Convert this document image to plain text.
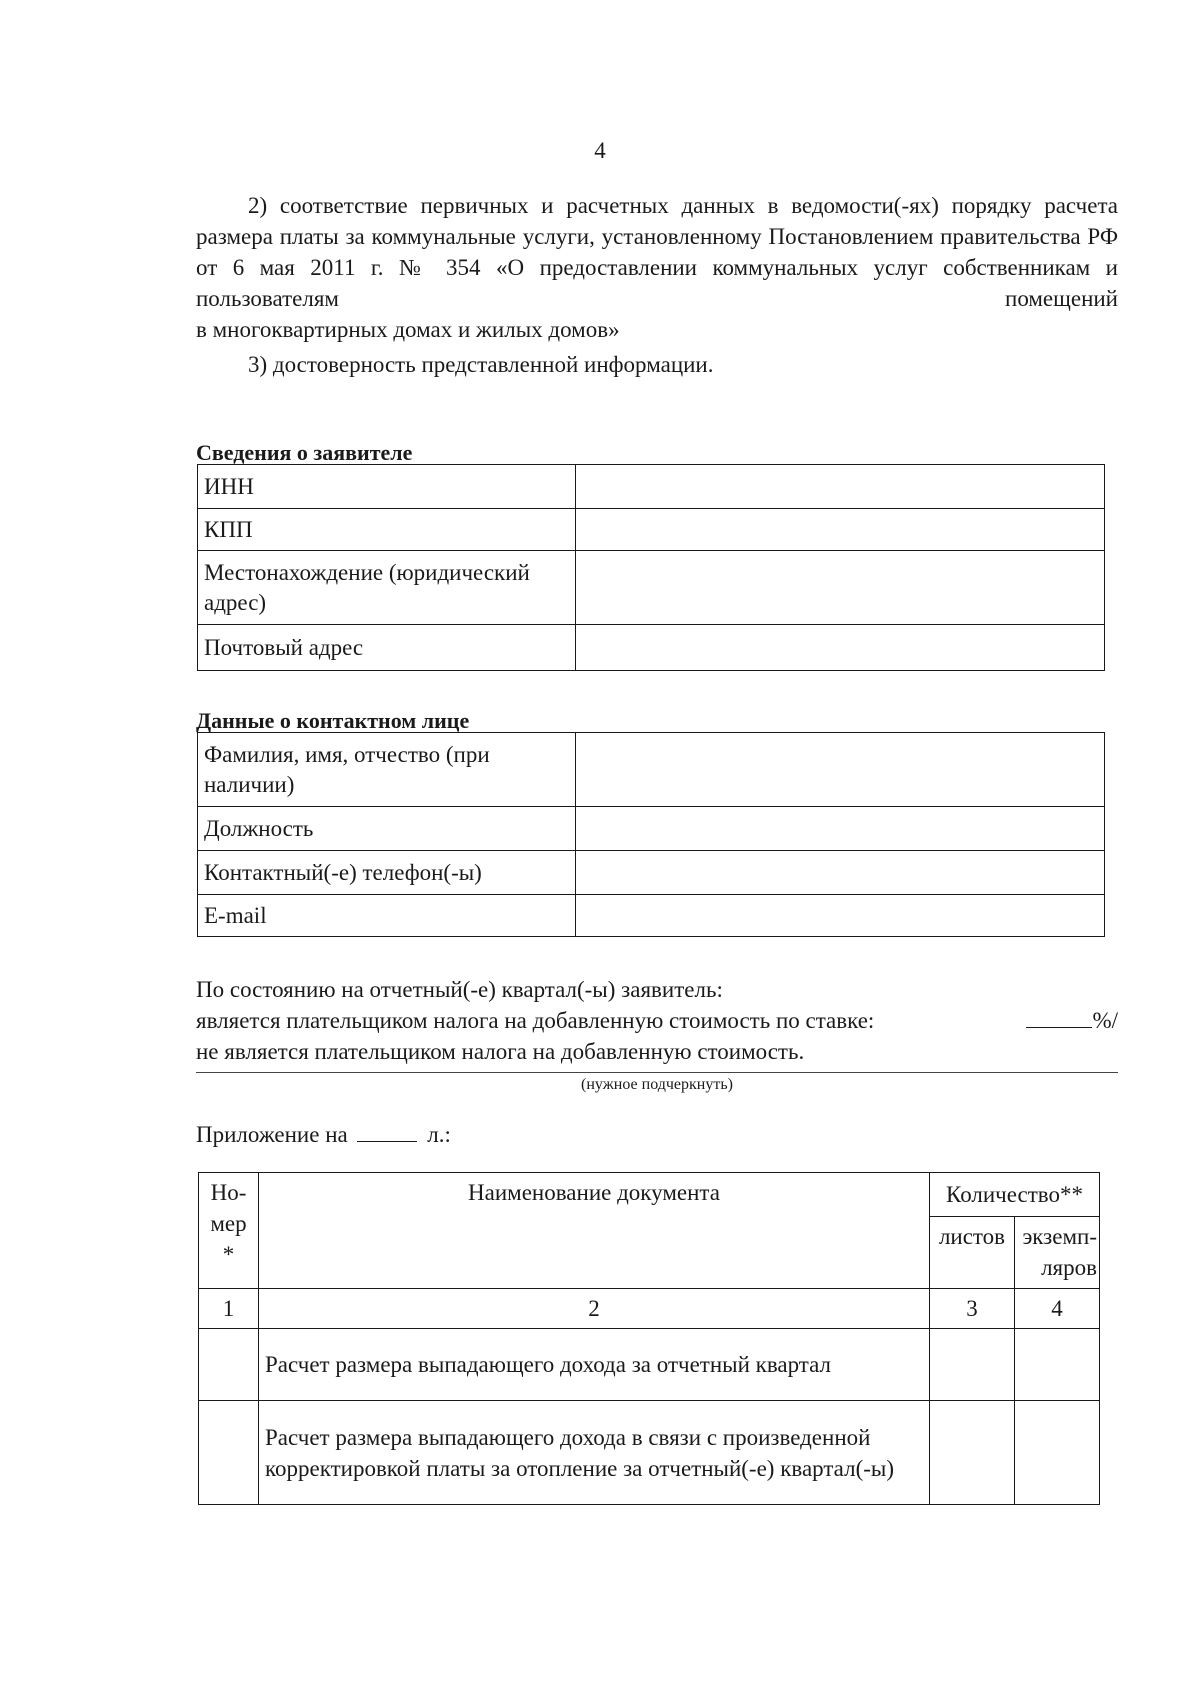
4
2) соответствие первичных и расчетных данных в ведомости(-ях) порядку расчета размера платы за коммунальные услуги, установленному Постановлением правительства РФ от 6 мая 2011 г. № 354 «О предоставлении коммунальных услуг собственникам и пользователям помещений
в многоквартирных домах и жилых домов»
3) достоверность представленной информации.
Сведения о заявителе
ИНН	
КПП	
Местонахождение (юридический адрес)	
Почтовый адрес	
Данные о контактном лице
Фамилия, имя, отчество (при наличии)	
Должность	
Контактный(-е) телефон(-ы)	
E-mail	
По состоянию на отчетный(-е) квартал(-ы) заявитель:
является плательщиком налога на добавленную стоимость по ставке:	%/
не является плательщиком налога на добавленную стоимость.
(нужное подчеркнуть)
Приложение на	л.:
Но-мер *	Наименование документа	Количество**	
		листов	экземп-ляров
1	2	3	4
	Расчет размера выпадающего дохода за отчетный квартал		
	Расчет размера выпадающего дохода в связи с произведенной корректировкой платы за отопление за отчетный(-е) квартал(-ы)		
